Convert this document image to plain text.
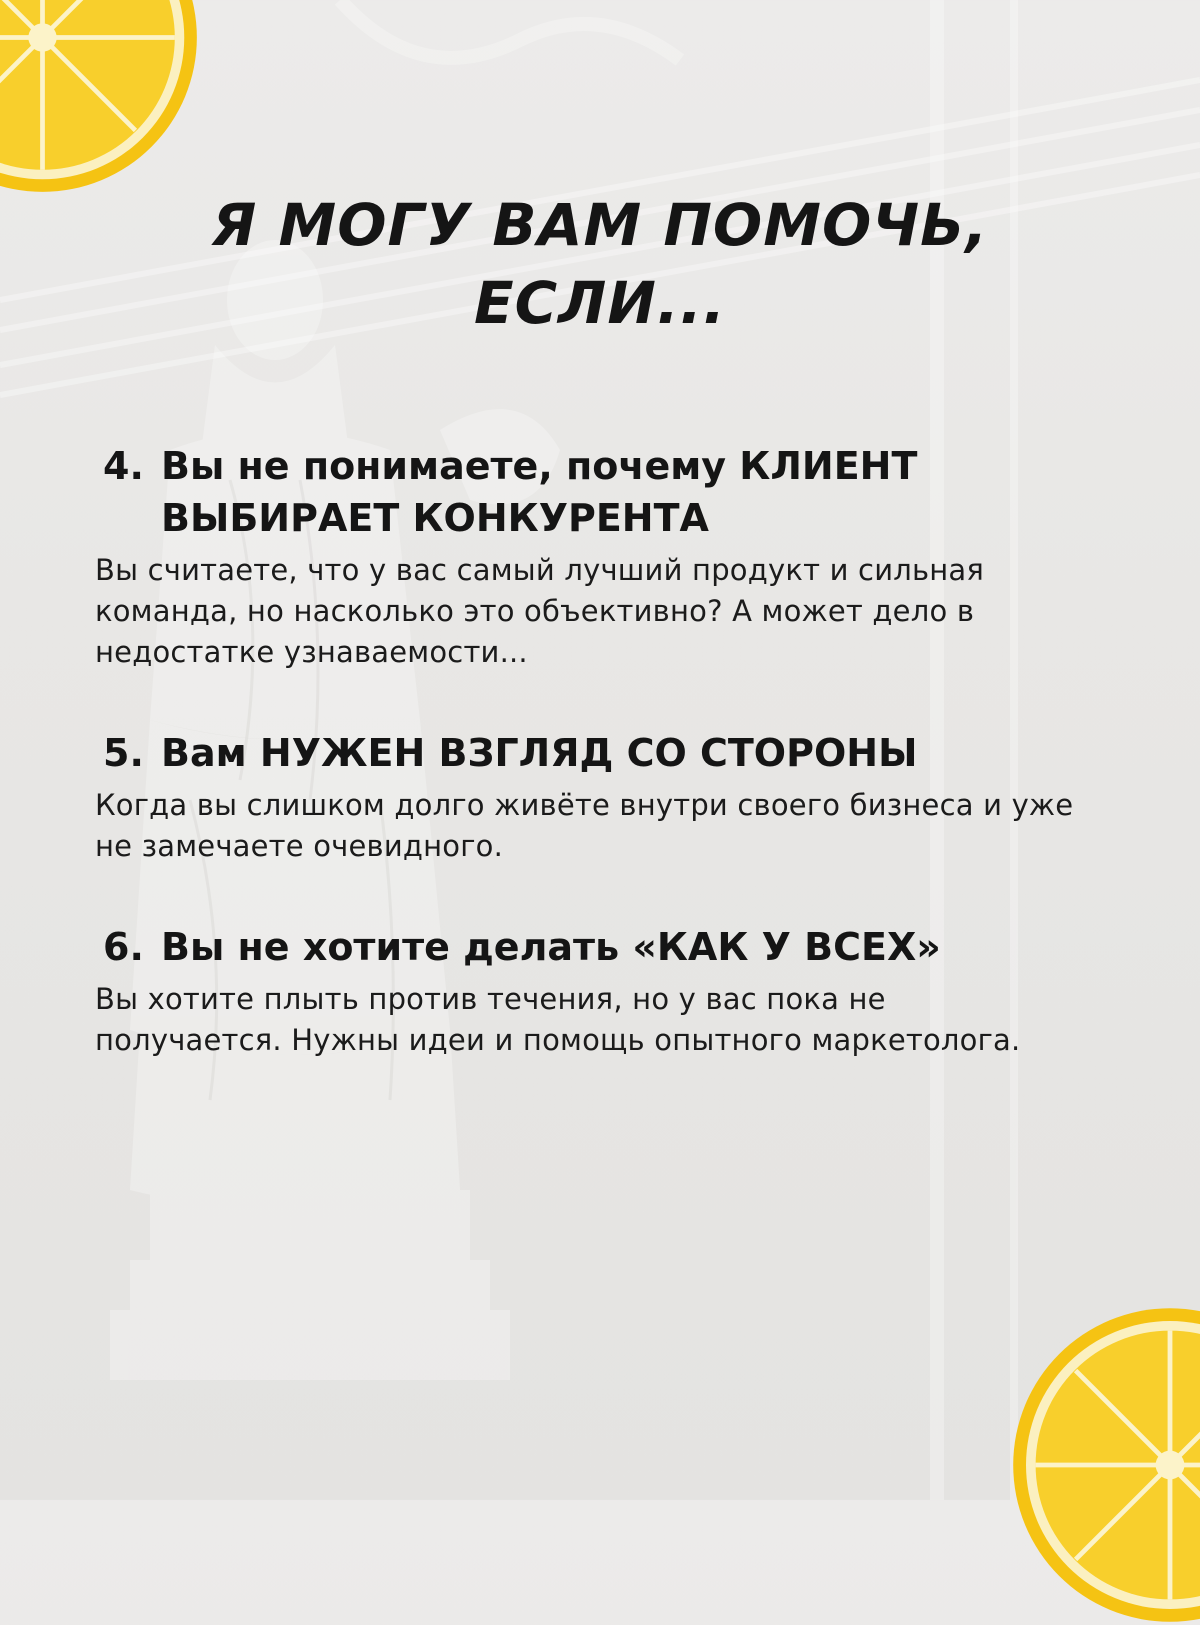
Я МОГУ ВАМ ПОМОЧЬ,
ЕСЛИ...
4. Вы не понимаете, почему КЛИЕНТ ВЫБИРАЕТ КОНКУРЕНТА

Вы считаете, что у вас самый лучший продукт и сильная команда, но насколько это объективно? А может дело в недостатке узнаваемости...

5. Вам НУЖЕН ВЗГЛЯД СО СТОРОНЫ

Когда вы слишком долго живёте внутри своего бизнеса и уже не замечаете очевидного.

6. Вы не хотите делать «КАК У ВСЕХ»

Вы хотите плыть против течения, но у вас пока не получается. Нужны идеи и помощь опытного маркетолога.
